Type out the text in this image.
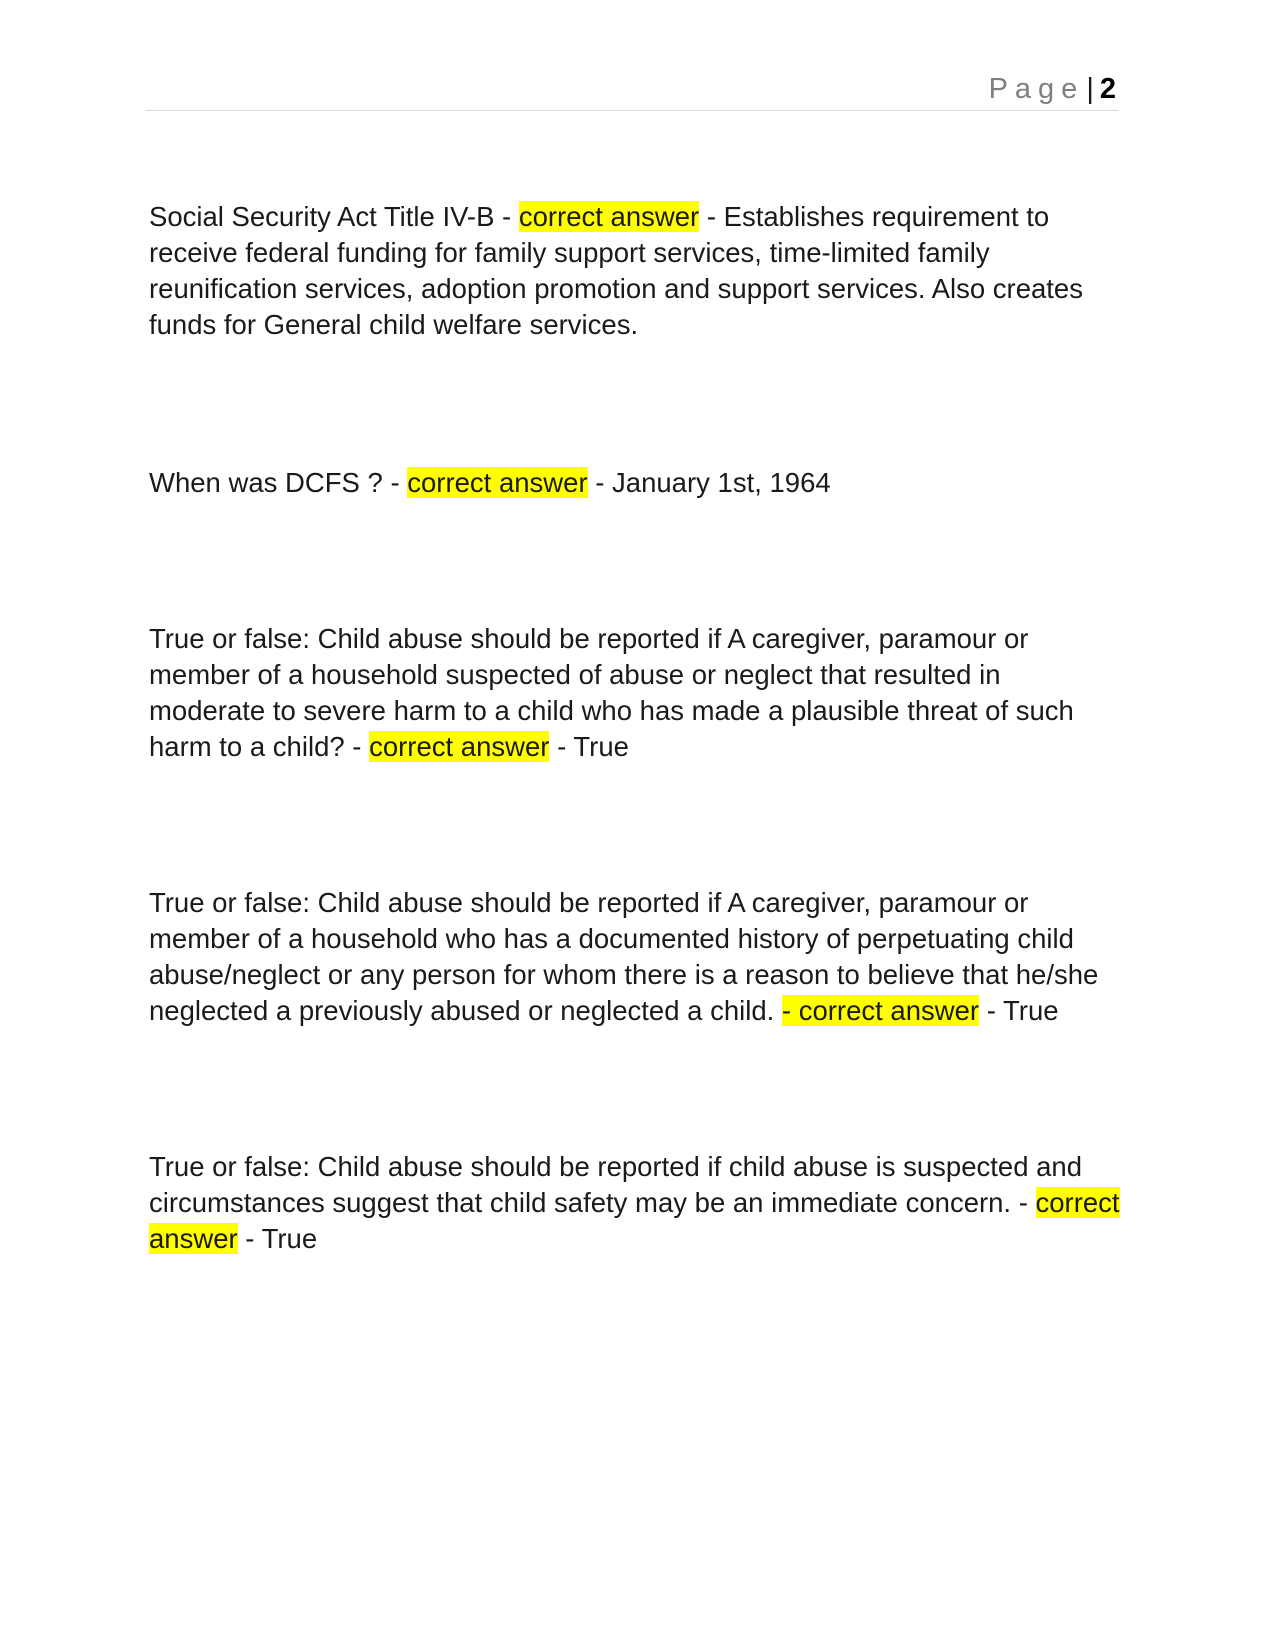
Page| 2

Social Security Act Title IV-B - correct answer - Establishes requirement to receive federal funding for family support services, time-limited family reunification services, adoption promotion and support services. Also creates funds for General child welfare services.

When was DCFS ? - correct answer - January 1st, 1964

True or false: Child abuse should be reported if A caregiver, paramour or member of a household suspected of abuse or neglect that resulted in moderate to severe harm to a child who has made a plausible threat of such harm to a child? - correct answer - True

True or false: Child abuse should be reported if A caregiver, paramour or member of a household who has a documented history of perpetuating child abuse/neglect or any person for whom there is a reason to believe that he/she neglected a previously abused or neglected a child. - correct answer - True

True or false: Child abuse should be reported if child abuse is suspected and circumstances suggest that child safety may be an immediate concern. - correct answer - True
